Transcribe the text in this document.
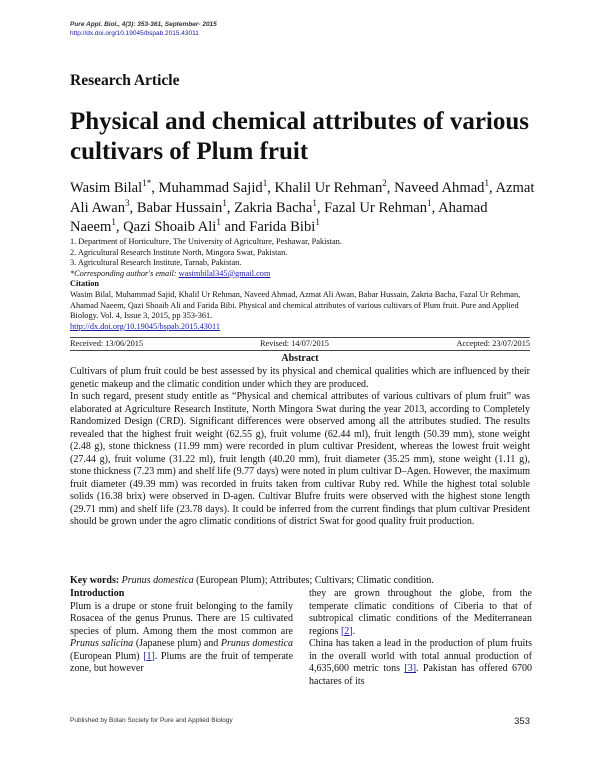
Pure Appl. Biol., 4(3): 353-361, September- 2015
http://dx.doi.org/10.19045/bspab.2015.43011
Research Article
Physical and chemical attributes of various cultivars of Plum fruit
Wasim Bilal$^{1*}$, Muhammad Sajid$^1$, Khalil Ur Rehman$^2$, Naveed Ahmad$^1$, Azmat Ali Awan$^3$, Babar Hussain$^1$, Zakria Bacha$^1$, Fazal Ur Rehman$^1$, Ahamad Naeem$^1$, Qazi Shoaib Ali$^1$ and Farida Bibi$^1$
1. Department of Horticulture, The University of Agriculture, Peshawar, Pakistan.
2. Agricultural Research Institute North, Mingora Swat, Pakistan.
3. Agricultural Research Institute, Tarnab, Pakistan.
*Corresponding author's email: wasimbilal345@gmail.com
Citation
Wasim Bilal, Muhammad Sajid, Khalil Ur Rehman, Naveed Ahmad, Azmat Ali Awan, Babar Hussain, Zakria Bacha, Fazal Ur Rehman, Ahamad Naeem, Qazi Shoaib Ali and Farida Bibi. Physical and chemical attributes of various cultivars of Plum fruit. Pure and Applied Biology. Vol. 4, Issue 3, 2015, pp 353-361.
http://dx.doi.org/10.19045/bspab.2015.43011
Received: 13/06/2015	Revised: 14/07/2015	Accepted: 23/07/2015
Abstract

Cultivars of plum fruit could be best assessed by its physical and chemical qualities which are influenced by their genetic makeup and the climatic condition under which they are produced.

In such regard, present study entitle as “Physical and chemical attributes of various cultivars of plum fruit” was elaborated at Agriculture Research Institute, North Mingora Swat during the year 2013, according to Completely Randomized Design (CRD). Significant differences were observed among all the attributes studied. The results revealed that the highest fruit weight (62.55 g), fruit volume (62.44 ml), fruit length (50.39 mm), stone weight (2.48 g), stone thickness (11.99 mm) were recorded in plum cultivar President, whereas the lowest fruit weight (27.44 g), fruit volume (31.22 ml), fruit length (40.20 mm), fruit diameter (35.25 mm), stone weight (1.11 g), stone thickness (7.23 mm) and shelf life (9.77 days) were noted in plum cultivar D–Agen. However, the maximum fruit diameter (49.39 mm) was recorded in fruits taken from cultivar Ruby red. While the highest total soluble solids (16.38 brix) were observed in D-agen. Cultivar Blufre fruits were observed with the highest stone length (29.71 mm) and shelf life (23.78 days). It could be inferred from the current findings that plum cultivar President should be grown under the agro climatic conditions of district Swat for good quality fruit production.

Key words: Prunus domestica (European Plum); Attributes; Cultivars; Climatic condition.
Introduction

Plum is a drupe or stone fruit belonging to the family Rosacea of the genus Prunus. There are 15 cultivated species of plum. Among them the most common are Prunus salicina (Japanese plum) and Prunus domestica (European Plum) [1]. Plums are the fruit of temperate zone, but however

they are grown throughout the globe, from the temperate climatic conditions of Ciberia to that of subtropical climatic conditions of the Mediterranean regions [2].

China has taken a lead in the production of plum fruits in the overall world with total annual production of 4,635,600 metric tons [3]. Pakistan has offered 6700 hactares of its

Published by Bolan Society for Pure and Applied Biology	353
